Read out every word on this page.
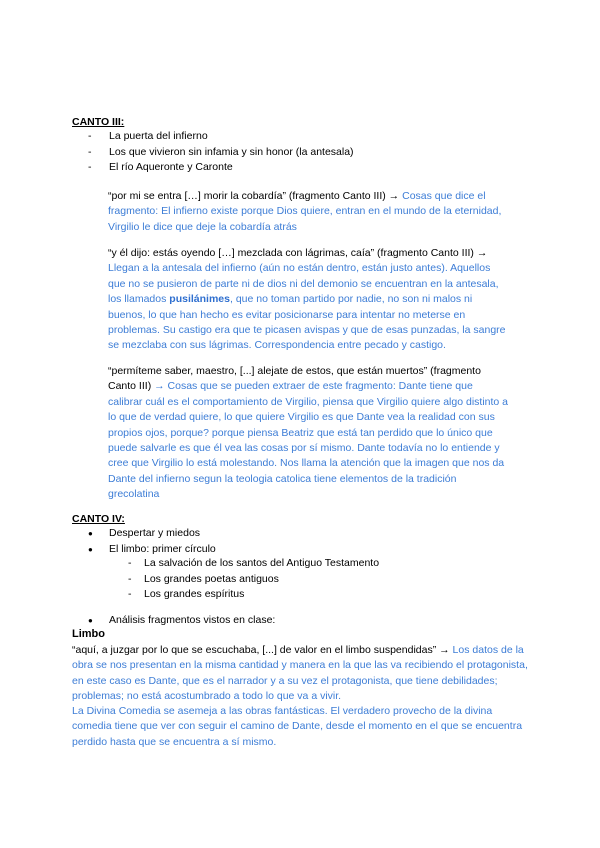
CANTO III:
- La puerta del infierno
- Los que vivieron sin infamia y sin honor (la antesala)
- El río Aqueronte y Caronte
“por mi se entra […] morir la cobardía” (fragmento Canto III) → Cosas que dice el fragmento: El infierno existe porque Dios quiere, entran en el mundo de la eternidad, Virgilio le dice que deje la cobardía atrás
“y él dijo: estás oyendo […] mezclada con lágrimas, caía” (fragmento Canto III) → Llegan a la antesala del infierno (aún no están dentro, están justo antes). Aquellos que no se pusieron de parte ni de dios ni del demonio se encuentran en la antesala, los llamados pusilánimes, que no toman partido por nadie, no son ni malos ni buenos, lo que han hecho es evitar posicionarse para intentar no meterse en problemas. Su castigo era que te picasen avispas y que de esas punzadas, la sangre se mezclaba con sus lágrimas. Correspondencia entre pecado y castigo.
“permíteme saber, maestro, [...] alejate de estos, que están muertos” (fragmento Canto III) → Cosas que se pueden extraer de este fragmento: Dante tiene que calibrar cuál es el comportamiento de Virgilio, piensa que Virgilio quiere algo distinto a lo que de verdad quiere, lo que quiere Virgilio es que Dante vea la realidad con sus propios ojos, porque? porque piensa Beatriz que está tan perdido que lo único que puede salvarle es que él vea las cosas por sí mismo. Dante todavía no lo entiende y cree que Virgilio lo está molestando. Nos llama la atención que la imagen que nos da Dante del infierno segun la teologia catolica tiene elementos de la tradición grecolatina
CANTO IV:
● Despertar y miedos
● El limbo: primer círculo
- La salvación de los santos del Antiguo Testamento
- Los grandes poetas antiguos
- Los grandes espíritus
● Análisis fragmentos vistos en clase:
Limbo
“aquí, a juzgar por lo que se escuchaba, [...] de valor en el limbo suspendidas” → Los datos de la obra se nos presentan en la misma cantidad y manera en la que las va recibiendo el protagonista, en este caso es Dante, que es el narrador y a su vez el protagonista, que tiene debilidades; problemas; no está acostumbrado a todo lo que va a vivir.
La Divina Comedia se asemeja a las obras fantásticas. El verdadero provecho de la divina comedia tiene que ver con seguir el camino de Dante, desde el momento en el que se encuentra perdido hasta que se encuentra a sí mismo.
